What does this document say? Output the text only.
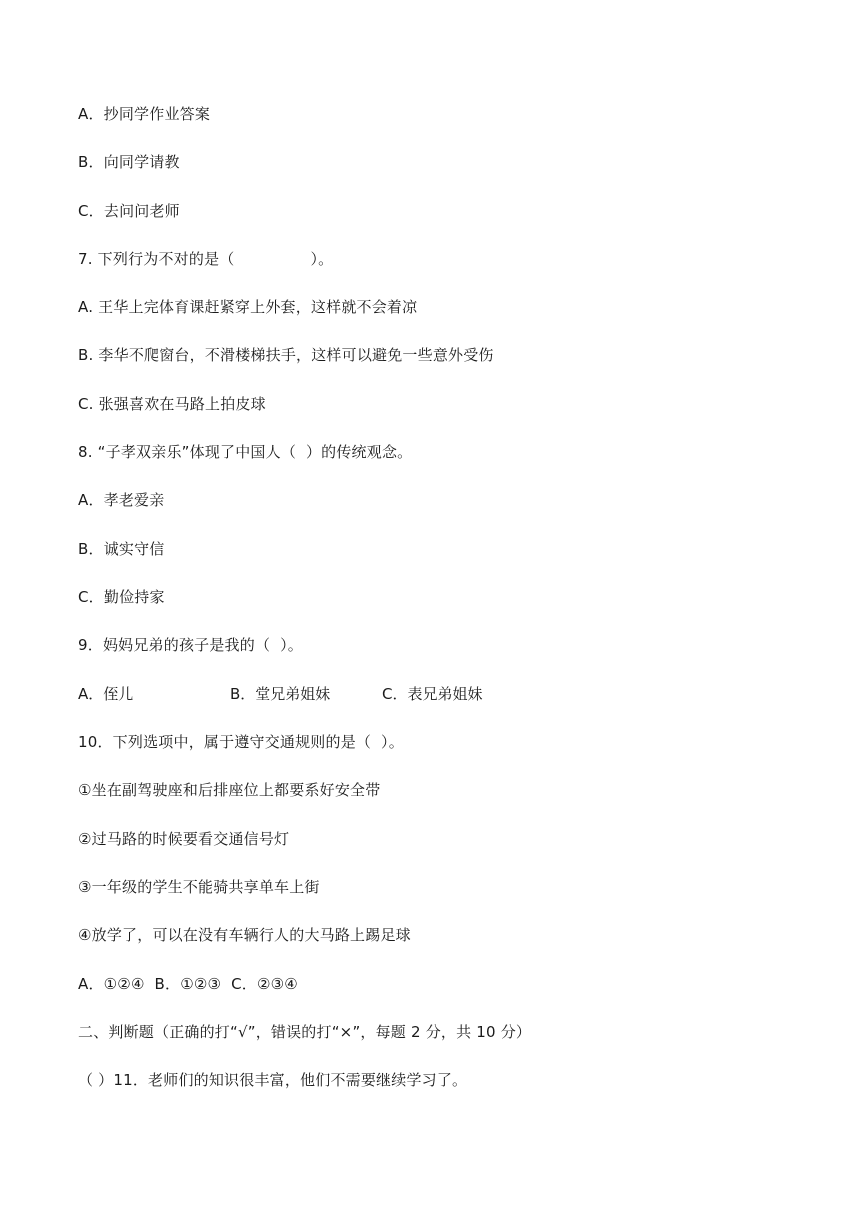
A．抄同学作业答案
B．向同学请教
C．去问问老师
7. 下列行为不对的是（　　　　　）。
A. 王华上完体育课赶紧穿上外套，这样就不会着凉
B. 李华不爬窗台，不滑楼梯扶手，这样可以避免一些意外受伤
C. 张强喜欢在马路上拍皮球
8. “子孝双亲乐”体现了中国人（  ）的传统观念。
A．孝老爱亲
B．诚实守信
C．勤俭持家
9．妈妈兄弟的孩子是我的（  ）。

A．侄儿

	B．堂兄弟姐妹

	C．表兄弟姐妹

10．下列选项中，属于遵守交通规则的是（  ）。
①坐在副驾驶座和后排座位上都要系好安全带
②过马路的时候要看交通信号灯
③一年级的学生不能骑共享单车上街
④放学了，可以在没有车辆行人的大马路上踢足球
A．①②④  B．①②③  C．②③④
二、判断题（正确的打“√”，错误的打“×”，每题 2 分，共 10 分）
（ ）11．老师们的知识很丰富，他们不需要继续学习了。
